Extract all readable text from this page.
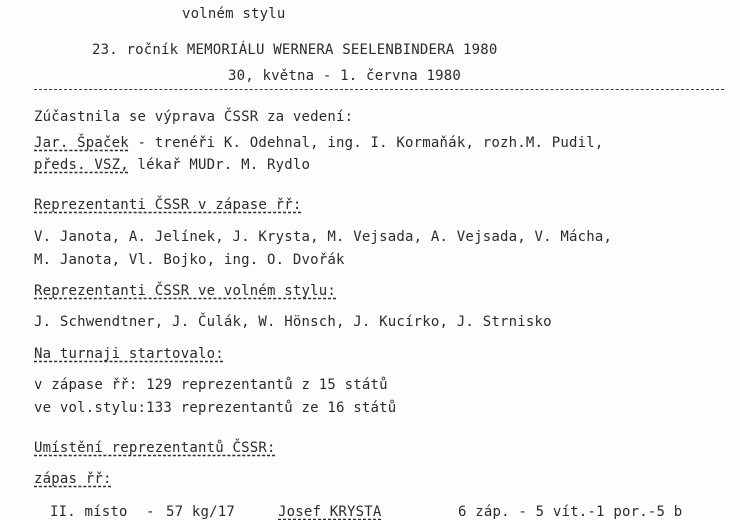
volném stylu
23. ročník MEMORIÁLU WERNERA SEELENBINDERA 1980
30, května - 1. června 1980
Zúčastnila se výprava ČSSR za vedení:
Jar. Špaček - trenéři K. Odehnal, ing. I. Kormaňák, rozh.M. Pudil,
předs. VSZ, lékař MUDr. M. Rydlo
Reprezentanti ČSSR v zápase řř:
V. Janota, A. Jelínek, J. Krysta, M. Vejsada, A. Vejsada, V. Mácha,
M. Janota, Vl. Bojko, ing. O. Dvořák
Reprezentanti ČSSR ve volném stylu:
J. Schwendtner, J. Čulák, W. Hönsch, J. Kucírko, J. Strnisko
Na turnaji startovalo:
v zápase řř: 129 reprezentantů z 15 států
ve vol.stylu:133 reprezentantů ze 16 států
Umístění reprezentantů ČSSR:
zápas řř:
II. místo - 57 kg/17	Josef KRYSTA	6 záp. - 5 vít.-1 por.-5 b
